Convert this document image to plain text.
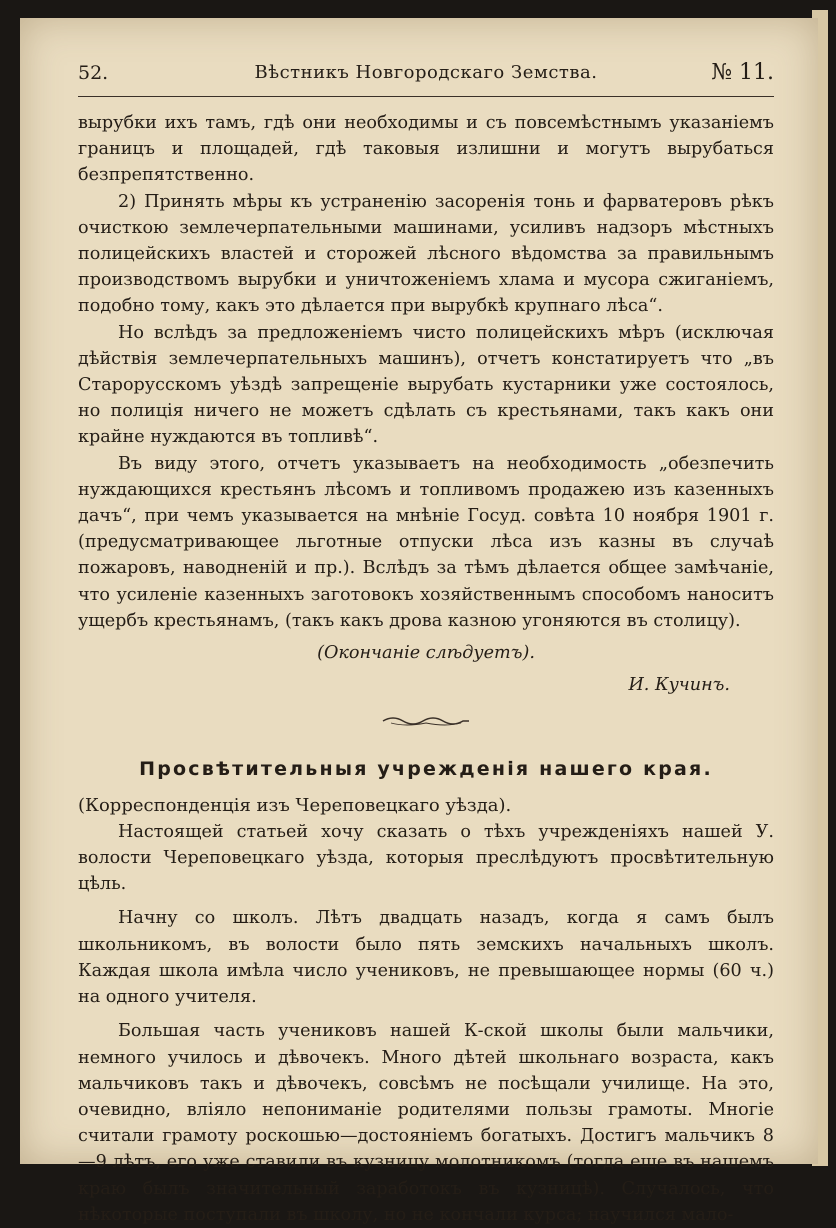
52.	Вѣстникъ Новгородскаго Земства.	№ 11.

вырубки ихъ тамъ, гдѣ они необходимы и съ повсемѣстнымъ указаніемъ границъ и площадей, гдѣ таковыя излишни и могутъ вырубаться безпрепятственно.

2) Принять мѣры къ устраненію засоренія тонь и фарватеровъ рѣкъ очисткою землечерпательными машинами, усиливъ надзоръ мѣстныхъ полицейскихъ властей и сторожей лѣсного вѣдомства за правильнымъ производствомъ вырубки и уничтоженіемъ хлама и мусора сжиганіемъ, подобно тому, какъ это дѣлается при вырубкѣ крупнаго лѣса“.

Но вслѣдъ за предложеніемъ чисто полицейскихъ мѣръ (исключая дѣйствія землечерпательныхъ машинъ), отчетъ констатируетъ что „въ Старорусскомъ уѣздѣ запрещеніе вырубать кустарники уже состоялось, но полиція ничего не можетъ сдѣлать съ крестьянами, такъ какъ они крайне нуждаются въ топливѣ“.

Въ виду этого, отчетъ указываетъ на необходимость „обезпечить нуждающихся крестьянъ лѣсомъ и топливомъ продажею изъ казенныхъ дачъ“, при чемъ указывается на мнѣніе Госуд. совѣта 10 ноября 1901 г. (предусматривающее льготные отпуски лѣса изъ казны въ случаѣ пожаровъ, наводненій и пр.). Вслѣдъ за тѣмъ дѣлается общее замѣчаніе, что усиленіе казенныхъ заготовокъ хозяйственнымъ способомъ наноситъ ущербъ крестьянамъ, (такъ какъ дрова казною угоняются въ столицу).

(Окончаніе слѣдуетъ).

И. Кучинъ.

Просвѣтительныя учрежденія нашего края.

(Корреспонденція изъ Череповецкаго уѣзда).

Настоящей статьей хочу сказать о тѣхъ учрежденіяхъ нашей У. волости Череповецкаго уѣзда, которыя преслѣдуютъ просвѣтительную цѣль.

Начну со школъ. Лѣтъ двадцать назадъ, когда я самъ былъ школьникомъ, въ волости было пять земскихъ начальныхъ школъ. Каждая школа имѣла число учениковъ, не превышающее нормы (60 ч.) на одного учителя.

Большая часть учениковъ нашей К-ской школы были мальчики, немного училось и дѣвочекъ. Много дѣтей школьнаго возраста, какъ мальчиковъ такъ и дѣвочекъ, совсѣмъ не посѣщали училище. На это, очевидно, вліяло непониманіе родителями пользы грамоты. Многіе считали грамоту роскошью—достояніемъ богатыхъ. Достигъ мальчикъ 8—9 лѣтъ, его уже ставили въ кузницу молотникомъ (тогда еще въ нашемъ краю былъ значительный заработокъ въ кузницѣ). Случалось, что нѣкоторые поступали въ школу, но не кончали курса; научился мало-
